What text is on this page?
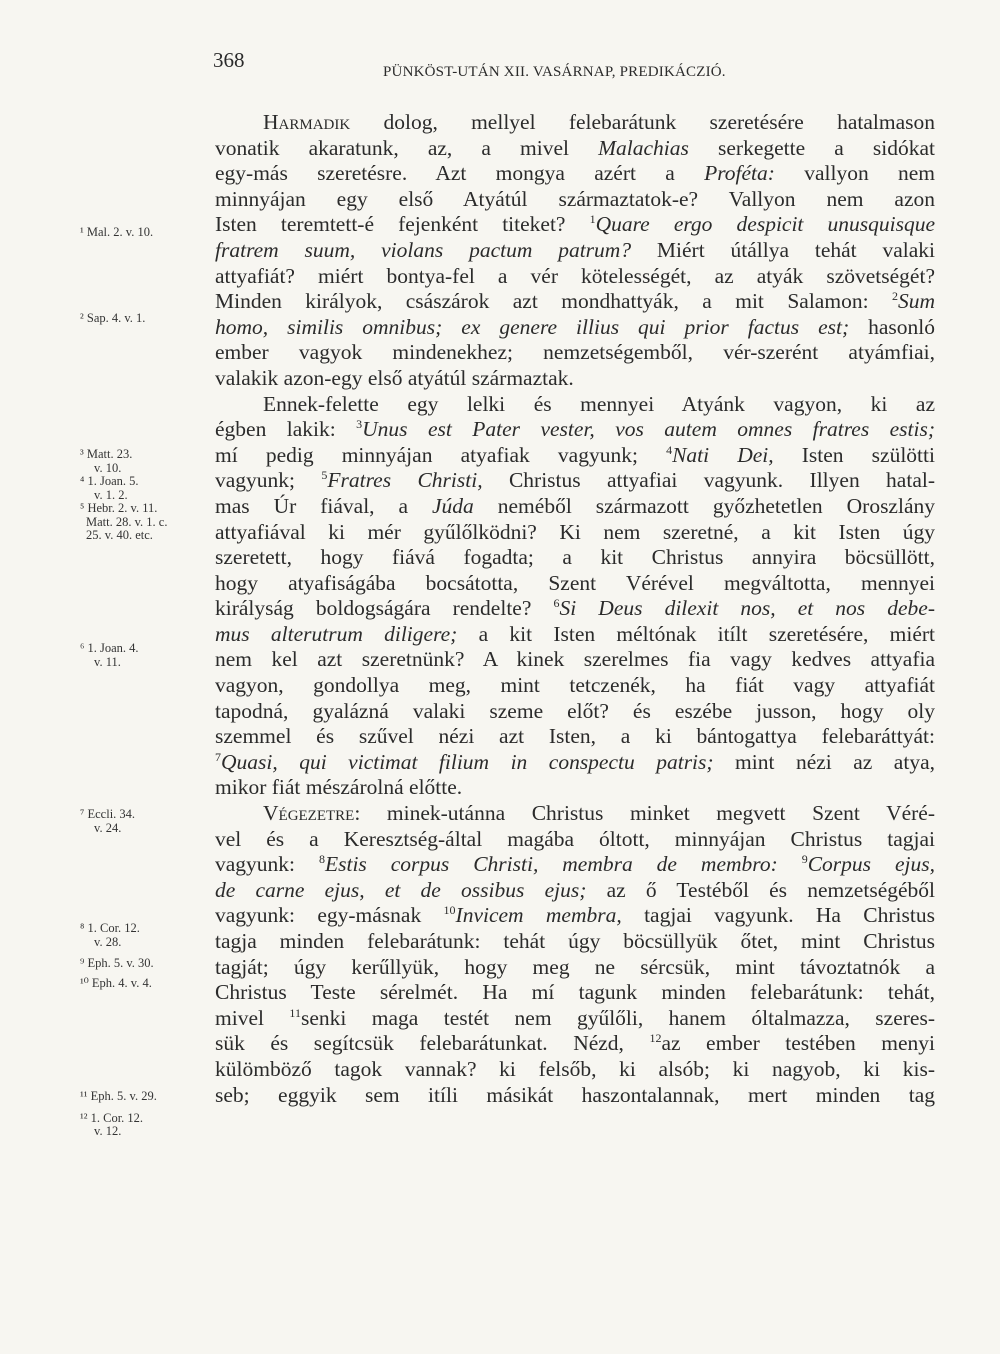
368	PÜNKÖST-UTÁN XII. VASÁRNAP, PREDIKÁCZIÓ.
¹ Mal. 2. v. 10.
² Sap. 4. v. 1.
³ Matt. 23.
v. 10.
⁴ 1. Joan. 5.
v. 1. 2.
⁵ Hebr. 2. v. 11.
Matt. 28. v. 1. c.
25. v. 40. etc.
⁶ 1. Joan. 4.
v. 11.
⁷ Eccli. 34.
v. 24.
⁸ 1. Cor. 12.
v. 28.
⁹ Eph. 5. v. 30.
¹⁰ Eph. 4. v. 4.
¹¹ Eph. 5. v. 29.
¹² 1. Cor. 12.
v. 12.
Harmadik dolog, mellyel felebarátunk szeretésére hatalmason
vonatik akaratunk, az, a mivel Malachias serkegette a sidókat
egy-más szeretésre. Azt mongya azért a Proféta: vallyon nem
minnyájan egy első Atyátúl származtatok-e? Vallyon nem azon
Isten teremtett-é fejenként titeket? $^1$Quare ergo despicit unusquisque
fratrem suum, violans pactum patrum? Miért útállya tehát valaki
attyafiát? miért bontya-fel a vér kötelességét, az atyák szövetségét?
Minden királyok, császárok azt mondhattyák, a mit Salamon: $^2$Sum
homo, similis omnibus; ex genere illius qui prior factus est; hasonló
ember vagyok mindenekhez; nemzetségemből, vér-szerént atyámfiai,
valakik azon-egy első atyátúl származtak.
Ennek-felette egy lelki és mennyei Atyánk vagyon, ki az
égben lakik: $^3$Unus est Pater vester, vos autem omnes fratres estis;
mí pedig minnyájan atyafiak vagyunk; $^4$Nati Dei, Isten szülötti
vagyunk; $^5$Fratres Christi, Christus attyafiai vagyunk. Illyen hatal-
mas Úr fiával, a Júda neméből származott győzhetetlen Oroszlány
attyafiával ki mér gyűlőlködni? Ki nem szeretné, a kit Isten úgy
szeretett, hogy fiává fogadta; a kit Christus annyira böcsüllött,
hogy atyafiságába bocsátotta, Szent Vérével megváltotta, mennyei
királyság boldogságára rendelte? $^6$Si Deus dilexit nos, et nos debe-
mus alterutrum diligere; a kit Isten méltónak itílt szeretésére, miért
nem kel azt szeretnünk? A kinek szerelmes fia vagy kedves attyafia
vagyon, gondollya meg, mint tetczenék, ha fiát vagy attyafiát
tapodná, gyalázná valaki szeme előt? és eszébe jusson, hogy oly
szemmel és szűvel nézi azt Isten, a ki bántogattya felebaráttyát:
$^7$Quasi, qui victimat filium in conspectu patris; mint nézi az atya,
mikor fiát mészárolná előtte.
Végezetre: minek-utánna Christus minket megvett Szent Véré-
vel és a Keresztség-által magába óltott, minnyájan Christus tagjai
vagyunk: $^8$Estis corpus Christi, membra de membro: $^9$Corpus ejus,
de carne ejus, et de ossibus ejus; az ő Testéből és nemzetségéből
vagyunk: egy-másnak $^{10}$Invicem membra, tagjai vagyunk. Ha Christus
tagja minden felebarátunk: tehát úgy böcsüllyük őtet, mint Christus
tagját; úgy kerűllyük, hogy meg ne sércsük, mint távoztatnók a
Christus Teste sérelmét. Ha mí tagunk minden felebarátunk: tehát,
mivel $^{11}$senki maga testét nem gyűlőli, hanem óltalmazza, szeres-
sük és segítcsük felebarátunkat. Nézd, $^{12}$az ember testében menyi
külömböző tagok vannak? ki felsőb, ki alsób; ki nagyob, ki kis-
seb; eggyik sem itíli másikát haszontalannak, mert minden tag
